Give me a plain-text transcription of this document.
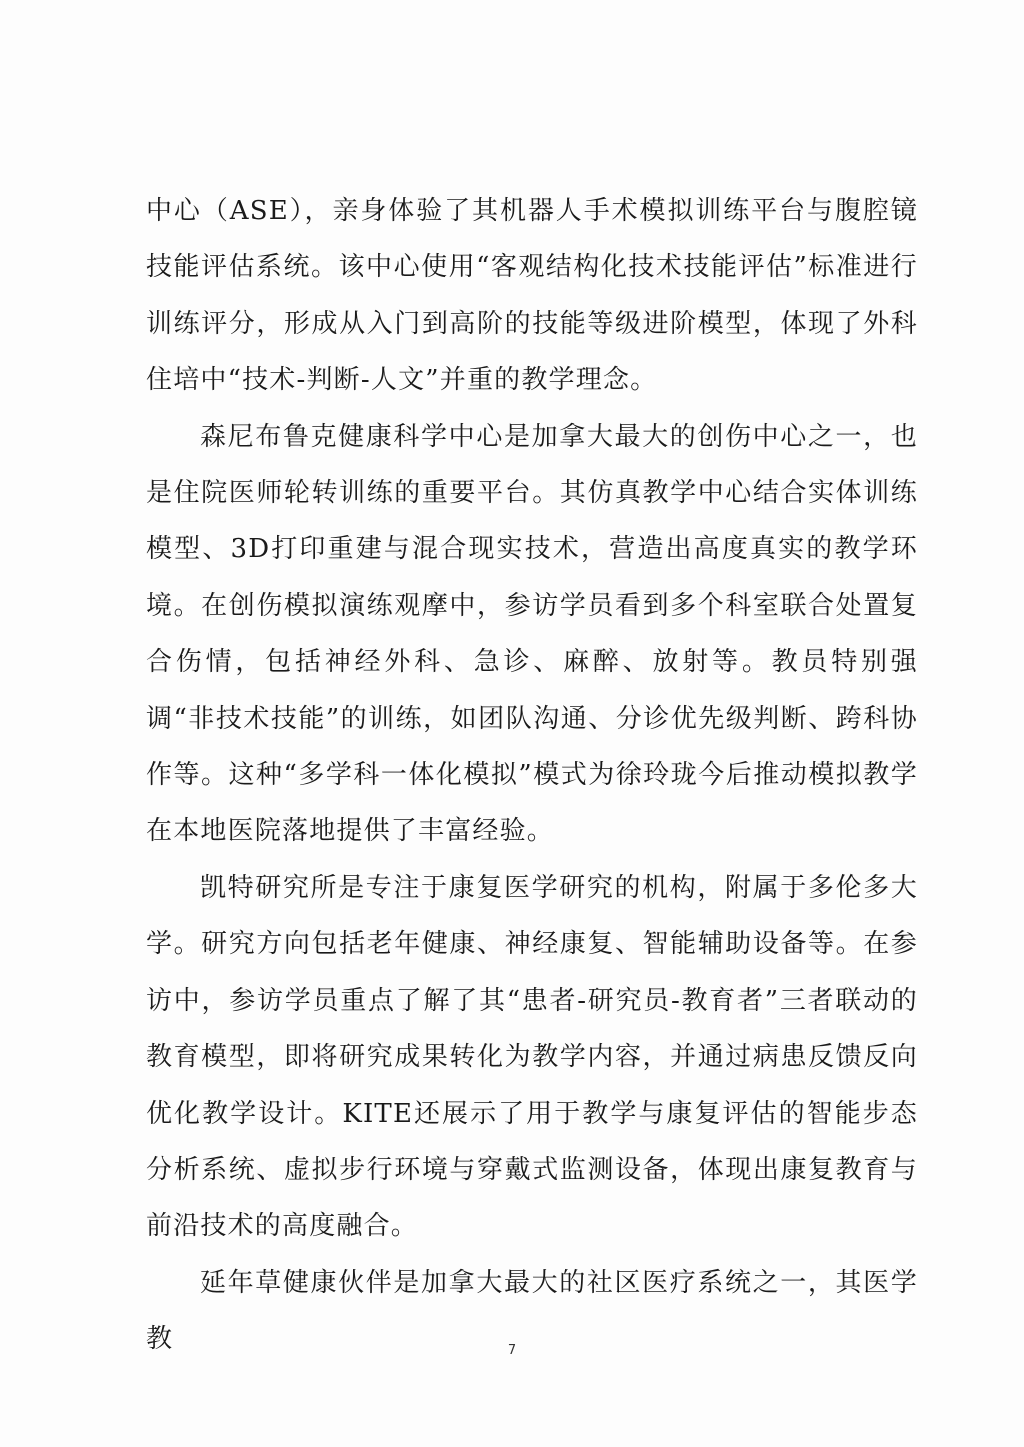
中心（ASE），亲身体验了其机器人手术模拟训练平台与腹腔镜技能评估系统。该中心使用“客观结构化技术技能评估”标准进行训练评分，形成从入门到高阶的技能等级进阶模型，体现了外科住培中“技术-判断-人文”并重的教学理念。

森尼布鲁克健康科学中心是加拿大最大的创伤中心之一，也是住院医师轮转训练的重要平台。其仿真教学中心结合实体训练模型、3D打印重建与混合现实技术，营造出高度真实的教学环境。在创伤模拟演练观摩中，参访学员看到多个科室联合处置复合伤情，包括神经外科、急诊、麻醉、放射等。教员特别强调“非技术技能”的训练，如团队沟通、分诊优先级判断、跨科协作等。这种“多学科一体化模拟”模式为徐玲珑今后推动模拟教学在本地医院落地提供了丰富经验。

凯特研究所是专注于康复医学研究的机构，附属于多伦多大学。研究方向包括老年健康、神经康复、智能辅助设备等。在参访中，参访学员重点了解了其“患者-研究员-教育者”三者联动的教育模型，即将研究成果转化为教学内容，并通过病患反馈反向优化教学设计。KITE还展示了用于教学与康复评估的智能步态分析系统、虚拟步行环境与穿戴式监测设备，体现出康复教育与前沿技术的高度融合。

延年草健康伙伴是加拿大最大的社区医疗系统之一，其医学教	7
